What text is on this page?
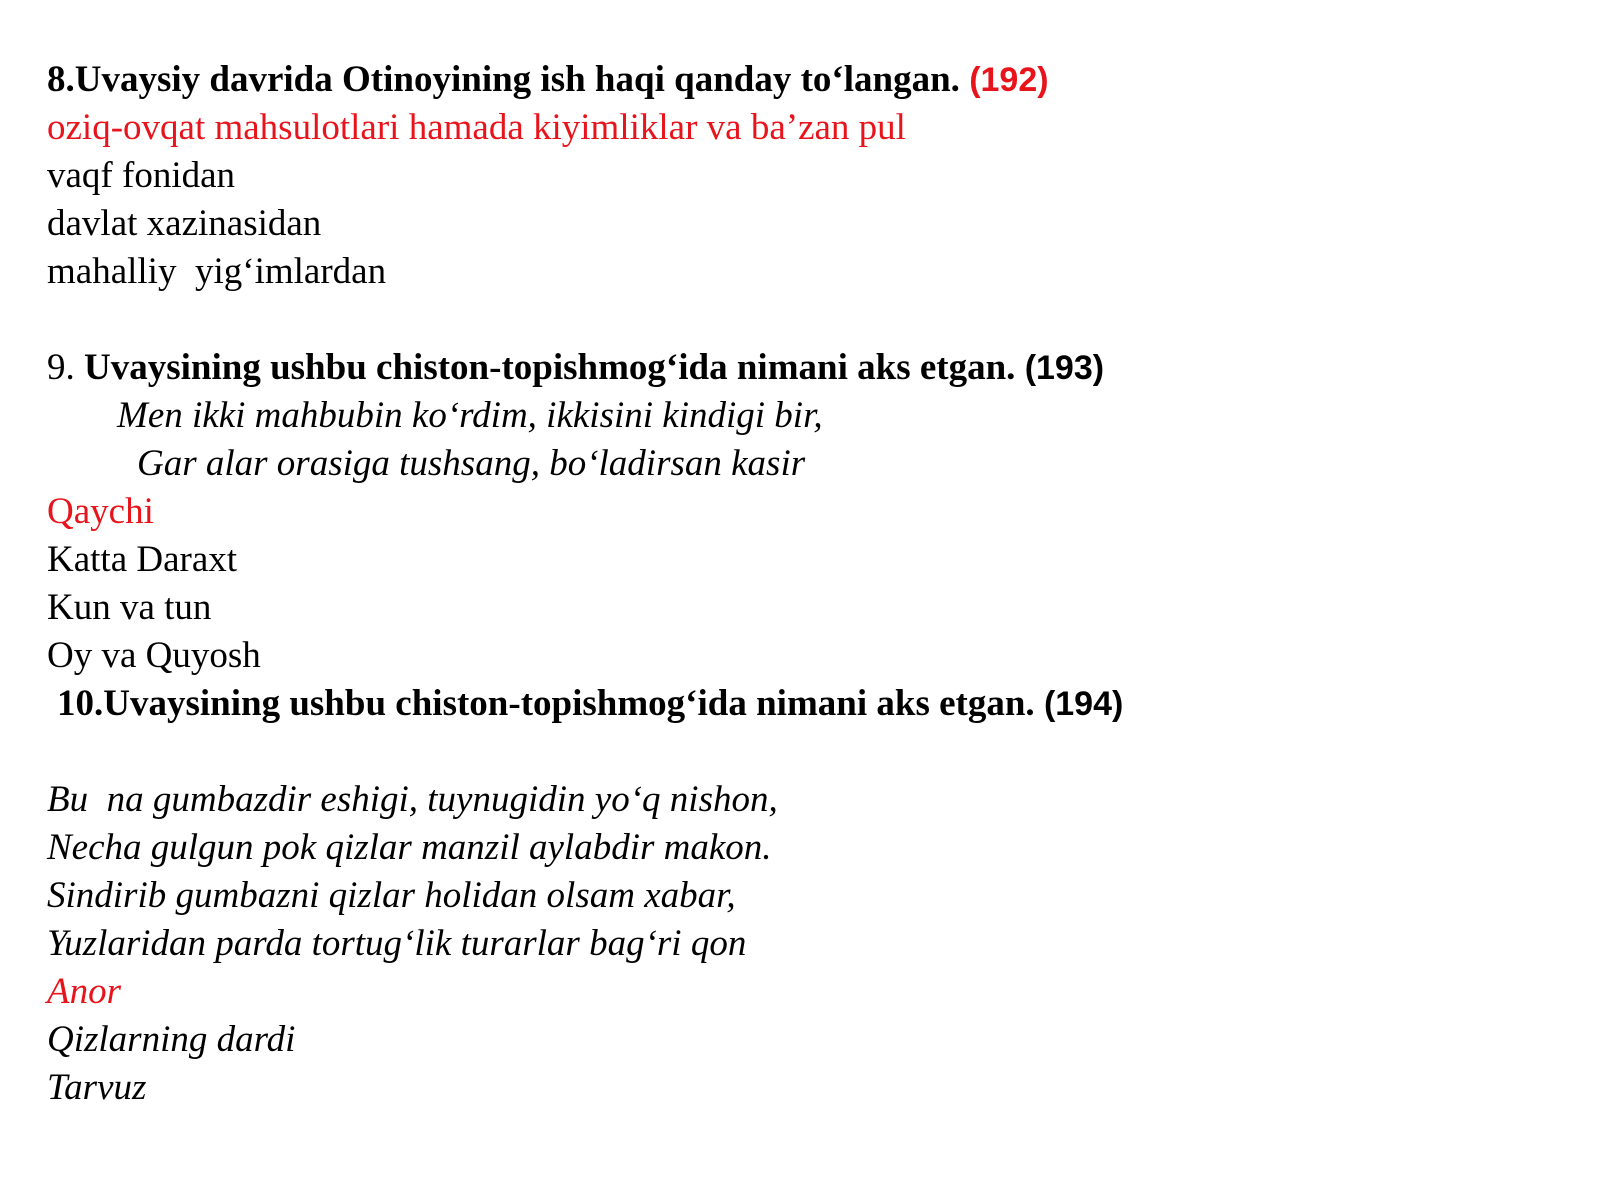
8.Uvaysiy davrida Otinoyining ish haqi qanday to‘langan. (192)
oziq-ovqat mahsulotlari hamada kiyimliklar va ba’zan pul
vaqf fonidan
davlat xazinasidan
mahalliy  yig‘imlardan
9. Uvaysining ushbu chiston-topishmog‘ida nimani aks etgan. (193)
Men ikki mahbubin ko‘rdim, ikkisini kindigi bir,
Gar alar orasiga tushsang, bo‘ladirsan kasir
Qaychi
Katta Daraxt
Kun va tun
Oy va Quyosh
10.Uvaysining ushbu chiston-topishmog‘ida nimani aks etgan. (194)
Bu  na gumbazdir eshigi, tuynugidin yo‘q nishon,
Necha gulgun pok qizlar manzil aylabdir makon.
Sindirib gumbazni qizlar holidan olsam xabar,
Yuzlaridan parda tortug‘lik turarlar bag‘ri qon
Anor
Qizlarning dardi
Tarvuz
